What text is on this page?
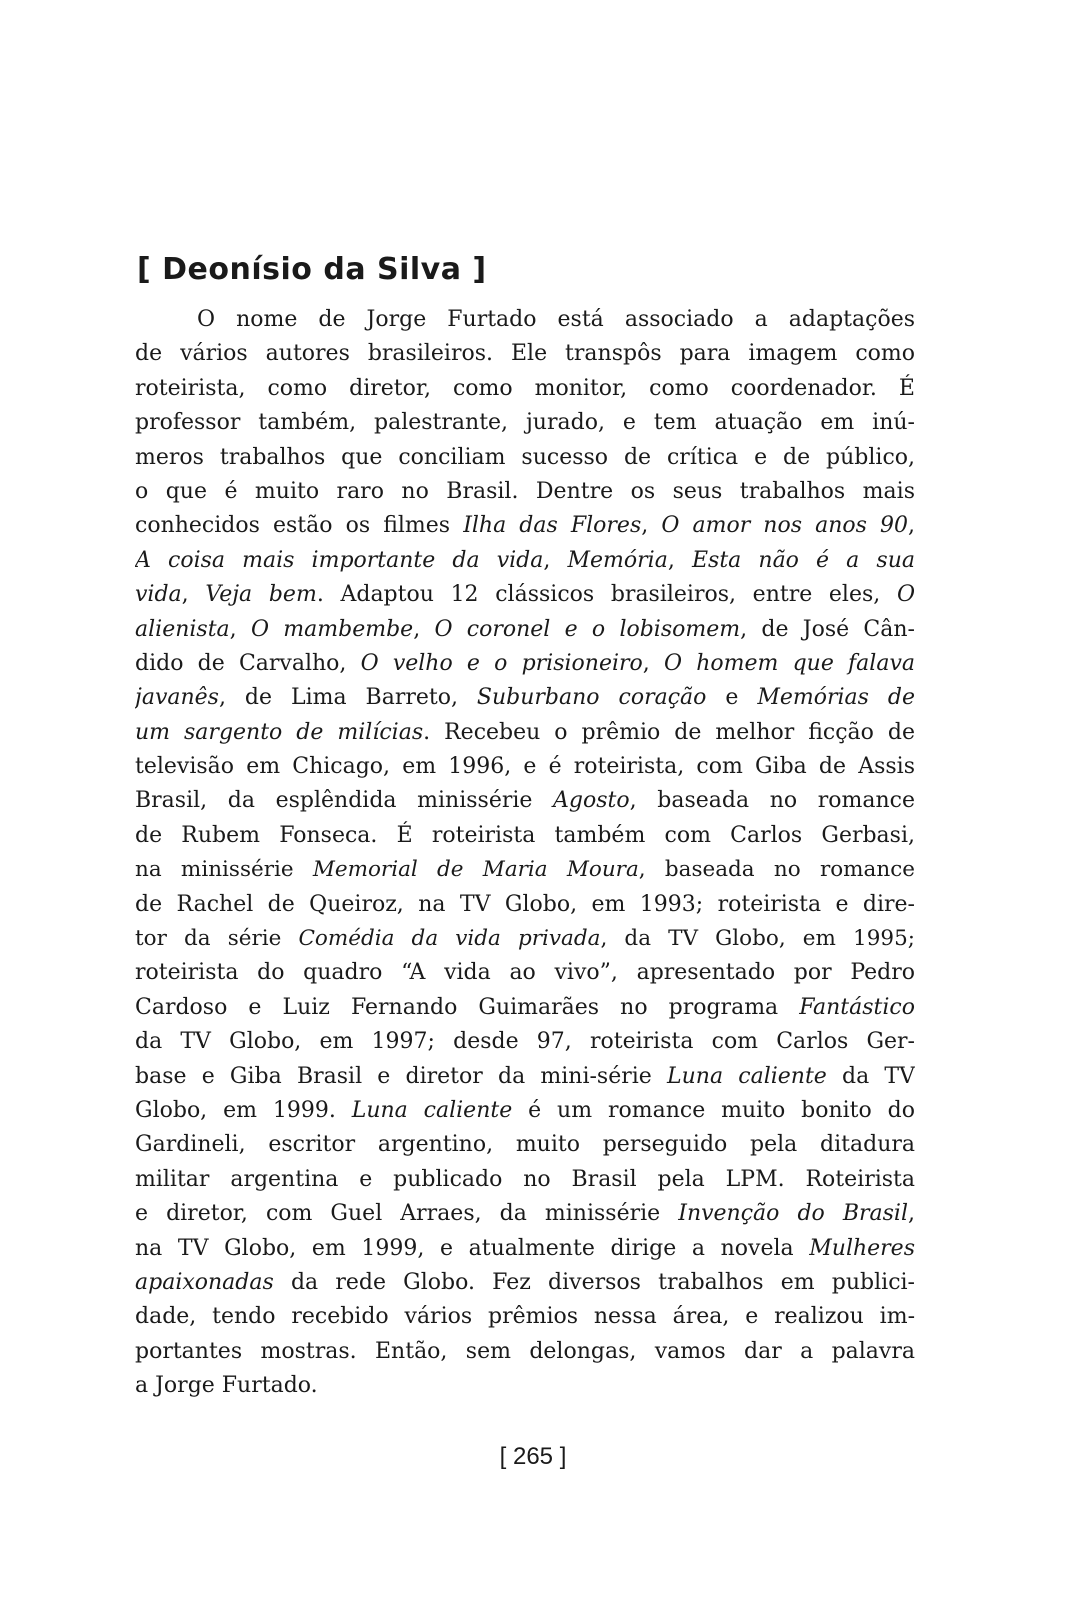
[ Deonísio da Silva ]
O nome de Jorge Furtado está associado a adaptações
de vários autores brasileiros. Ele transpôs para imagem como
roteirista, como diretor, como monitor, como coordenador. É
professor também, palestrante, jurado, e tem atuação em inú-
meros trabalhos que conciliam sucesso de crítica e de público,
o que é muito raro no Brasil. Dentre os seus trabalhos mais
conhecidos estão os filmes Ilha das Flores, O amor nos anos 90,
A coisa mais importante da vida, Memória, Esta não é a sua
vida, Veja bem. Adaptou 12 clássicos brasileiros, entre eles, O
alienista, O mambembe, O coronel e o lobisomem, de José Cân-
dido de Carvalho, O velho e o prisioneiro, O homem que falava
javanês, de Lima Barreto, Suburbano coração e Memórias de
um sargento de milícias. Recebeu o prêmio de melhor ficção de
televisão em Chicago, em 1996, e é roteirista, com Giba de Assis
Brasil, da esplêndida minissérie Agosto, baseada no romance
de Rubem Fonseca. É roteirista também com Carlos Gerbasi,
na minissérie Memorial de Maria Moura, baseada no romance
de Rachel de Queiroz, na TV Globo, em 1993; roteirista e dire-
tor da série Comédia da vida privada, da TV Globo, em 1995;
roteirista do quadro “A vida ao vivo”, apresentado por Pedro
Cardoso e Luiz Fernando Guimarães no programa Fantástico
da TV Globo, em 1997; desde 97, roteirista com Carlos Ger-
base e Giba Brasil e diretor da mini-série Luna caliente da TV
Globo, em 1999. Luna caliente é um romance muito bonito do
Gardineli, escritor argentino, muito perseguido pela ditadura
militar argentina e publicado no Brasil pela LPM. Roteirista
e diretor, com Guel Arraes, da minissérie Invenção do Brasil,
na TV Globo, em 1999, e atualmente dirige a novela Mulheres
apaixonadas da rede Globo. Fez diversos trabalhos em publici-
dade, tendo recebido vários prêmios nessa área, e realizou im-
portantes mostras. Então, sem delongas, vamos dar a palavra
a Jorge Furtado.
[ 265 ]
